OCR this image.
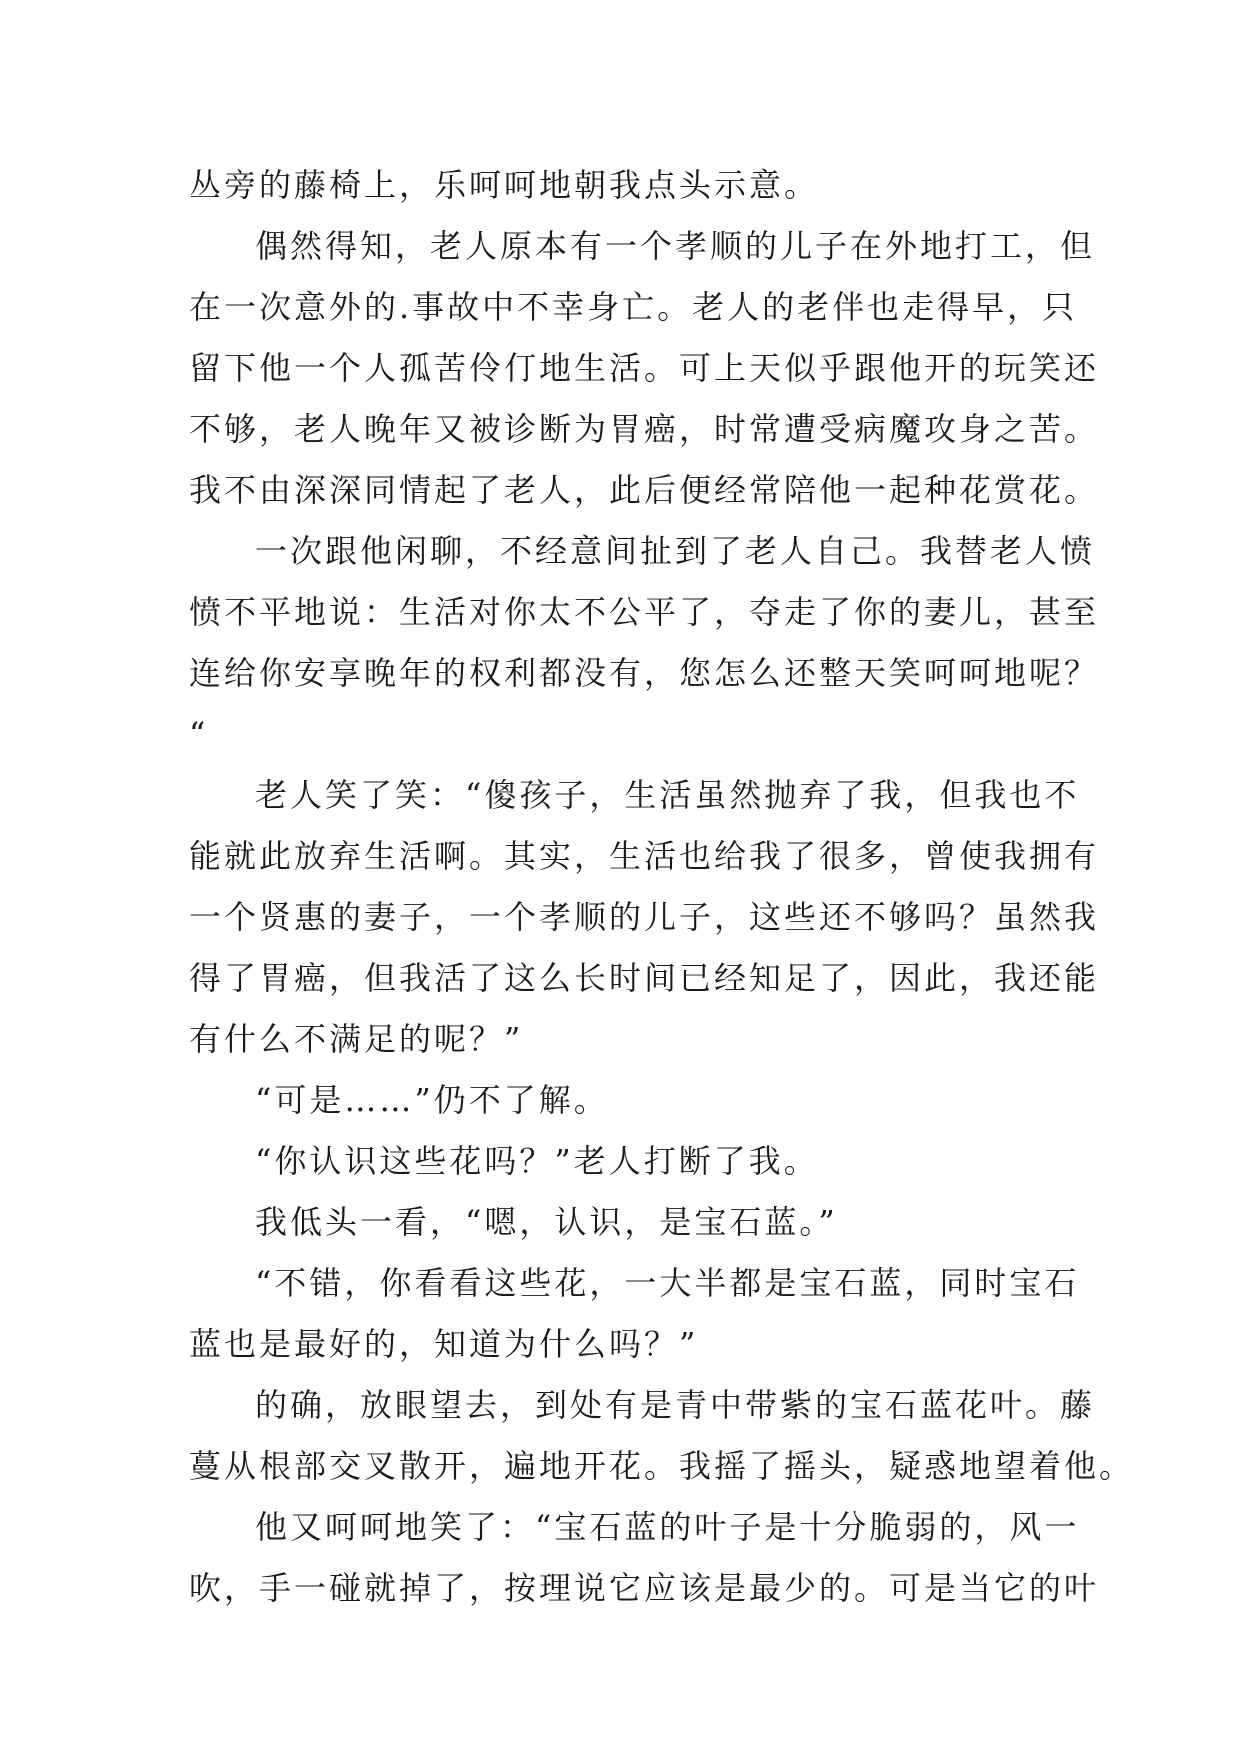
丛旁的藤椅上，乐呵呵地朝我点头示意。
偶然得知，老人原本有一个孝顺的儿子在外地打工，但
在一次意外的.事故中不幸身亡。老人的老伴也走得早，只
留下他一个人孤苦伶仃地生活。可上天似乎跟他开的玩笑还
不够，老人晚年又被诊断为胃癌，时常遭受病魔攻身之苦。
我不由深深同情起了老人，此后便经常陪他一起种花赏花。
一次跟他闲聊，不经意间扯到了老人自己。我替老人愤
愤不平地说：生活对你太不公平了，夺走了你的妻儿，甚至
连给你安享晚年的权利都没有，您怎么还整天笑呵呵地呢？
“
老人笑了笑：“傻孩子，生活虽然抛弃了我，但我也不
能就此放弃生活啊。其实，生活也给我了很多，曾使我拥有
一个贤惠的妻子，一个孝顺的儿子，这些还不够吗？虽然我
得了胃癌，但我活了这么长时间已经知足了，因此，我还能
有什么不满足的呢？”
“可是……”仍不了解。
“你认识这些花吗？”老人打断了我。
我低头一看，“嗯，认识，是宝石蓝。”
“不错，你看看这些花，一大半都是宝石蓝，同时宝石
蓝也是最好的，知道为什么吗？”
的确，放眼望去，到处有是青中带紫的宝石蓝花叶。藤
蔓从根部交叉散开，遍地开花。我摇了摇头，疑惑地望着他。
他又呵呵地笑了：“宝石蓝的叶子是十分脆弱的，风一
吹，手一碰就掉了，按理说它应该是最少的。可是当它的叶
